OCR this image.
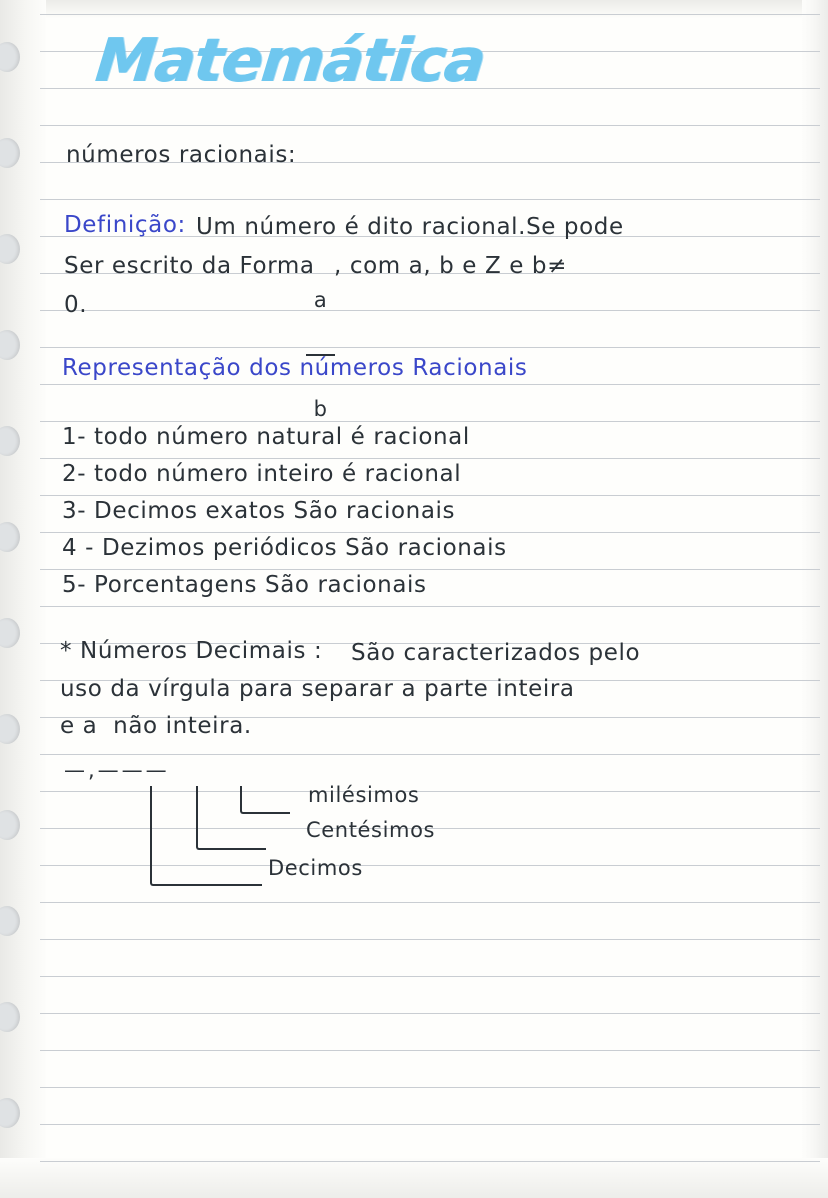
Matemática
números racionais:
Definição: Um número é dito racional.Se pode
Ser escrito da Forma

a

b

, com a, b e Z e b≠
0.
Representação dos números Racionais
1- todo número natural é racional
2- todo número inteiro é racional
3- Decimos exatos São racionais
4 - Dezimos periódicos São racionais
5- Porcentagens São racionais
* Números Decimais : São caracterizados pelo
uso da vírgula para separar a parte inteira
e a  não inteira.
—,———
milésimos
Centésimos
Decimos
